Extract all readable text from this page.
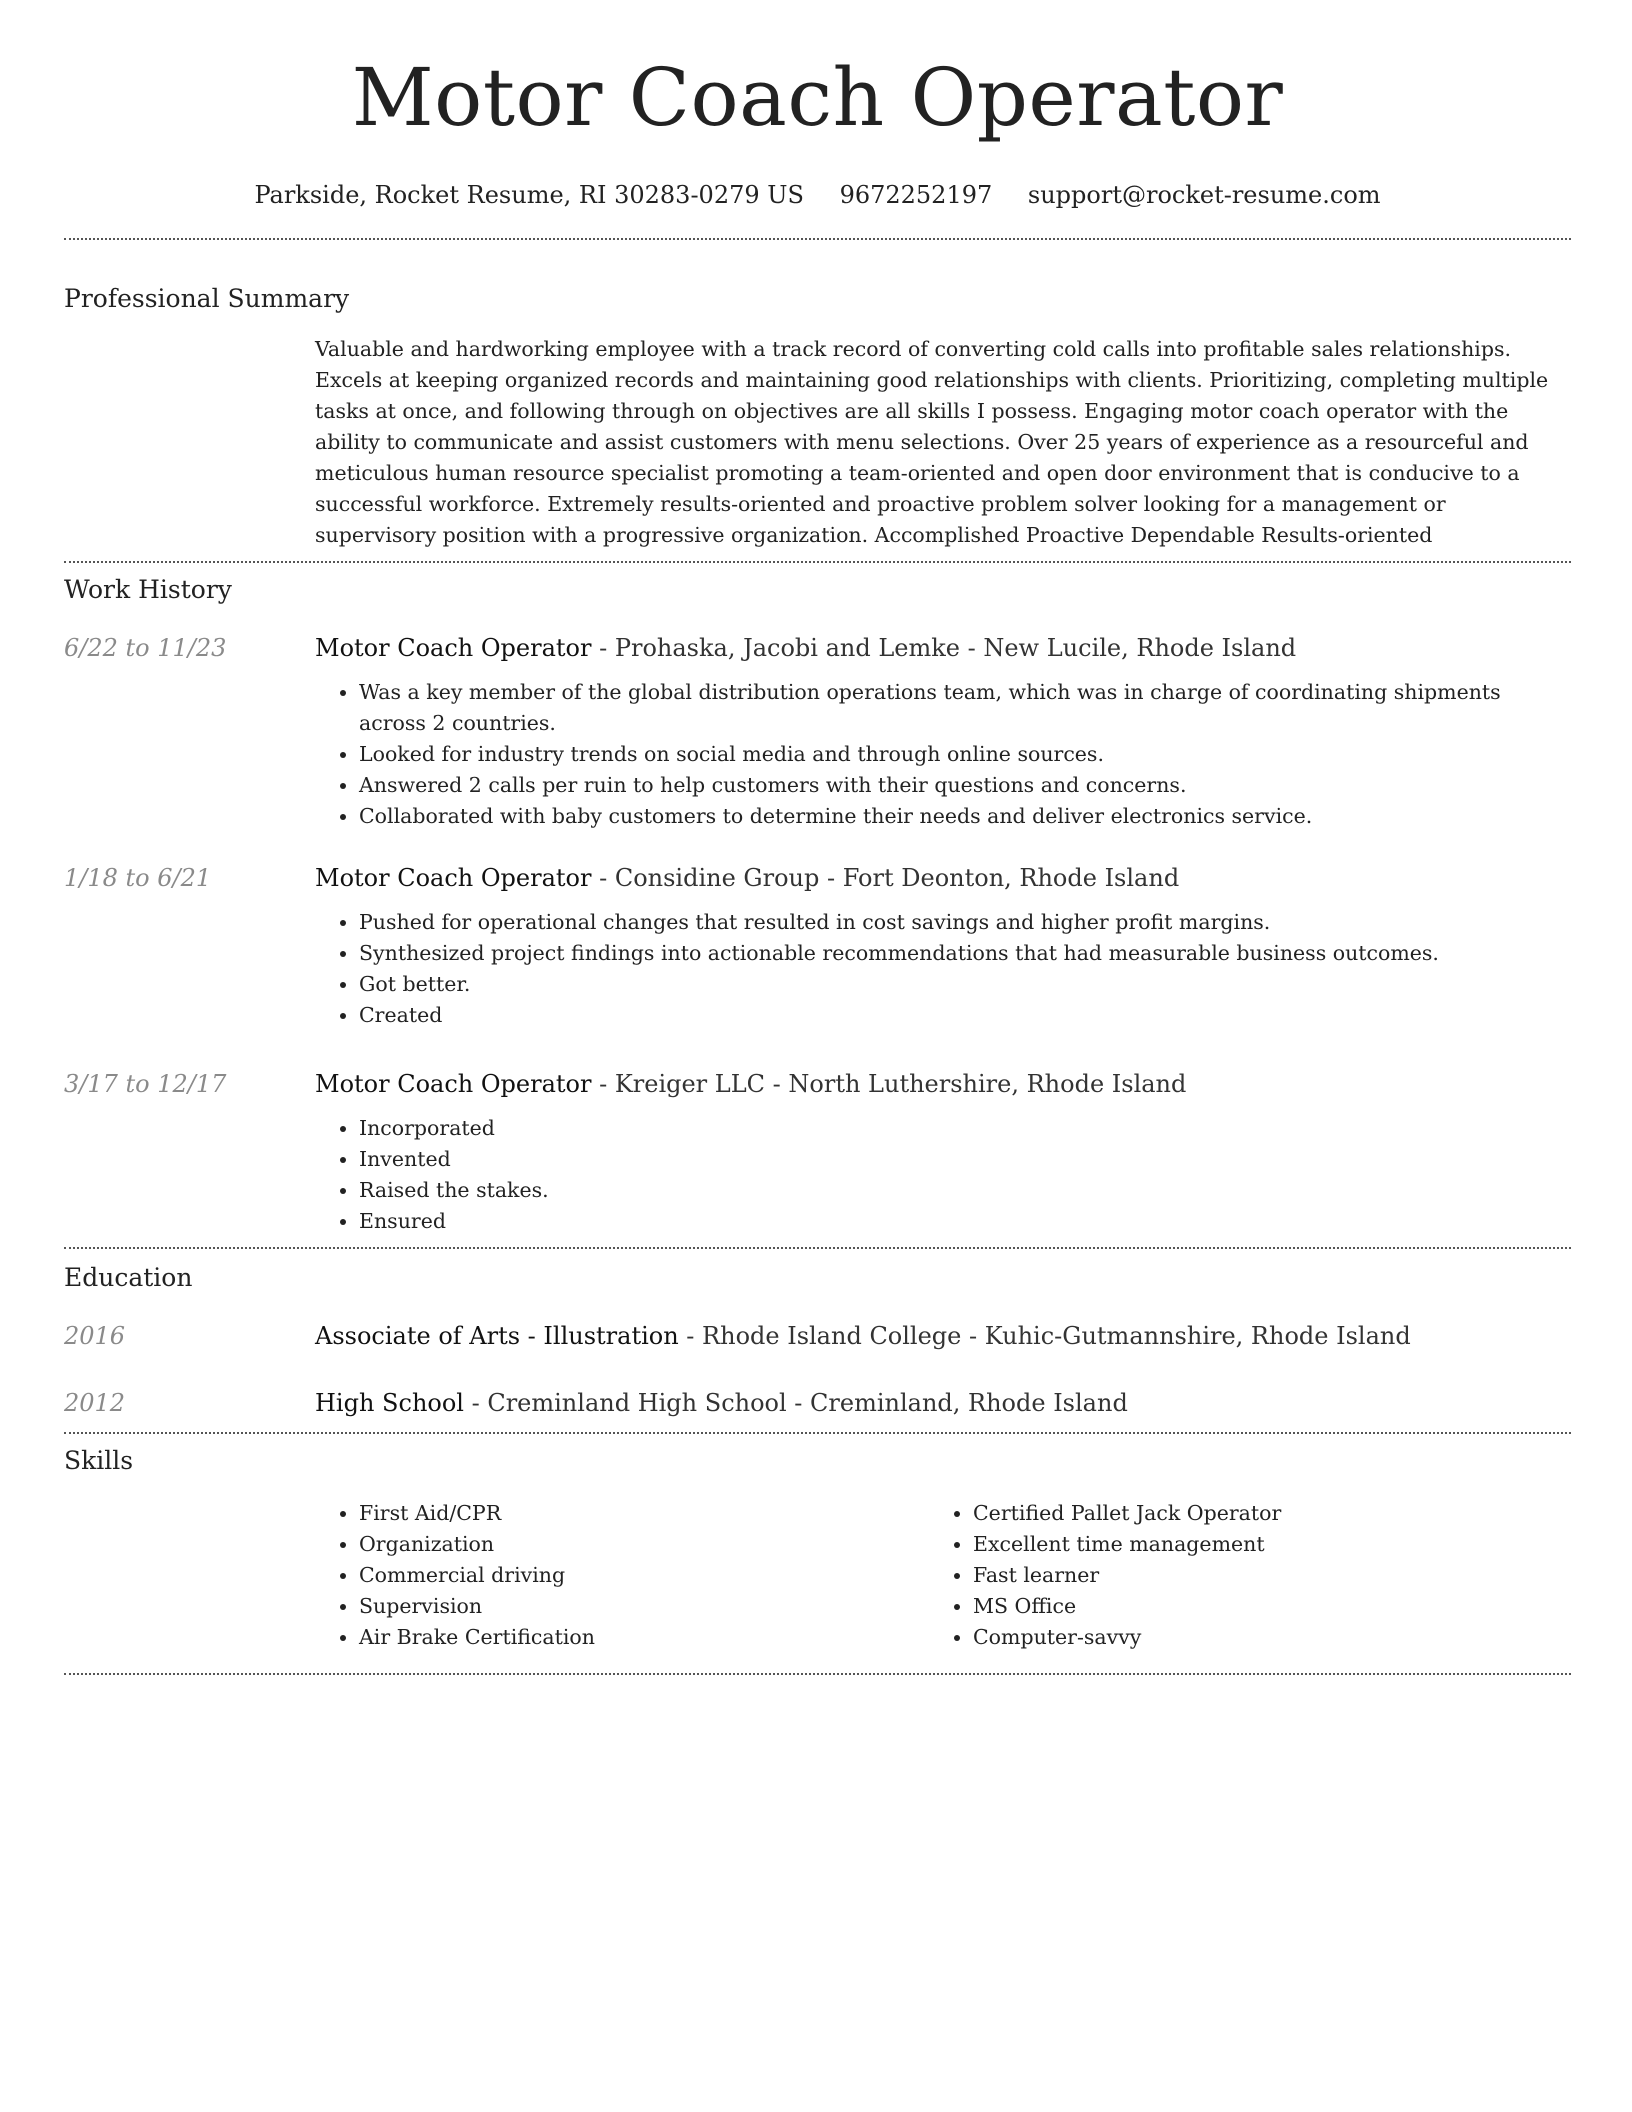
Motor Coach Operator
Parkside, Rocket Resume, RI 30283-0279 US 9672252197 support@rocket-resume.com
Professional Summary

Valuable and hardworking employee with a track record of converting cold calls into profitable sales relationships. Excels at keeping organized records and maintaining good relationships with clients. Prioritizing, completing multiple tasks at once, and following through on objectives are all skills I possess. Engaging motor coach operator with the ability to communicate and assist customers with menu selections. Over 25 years of experience as a resourceful and meticulous human resource specialist promoting a team-oriented and open door environment that is conducive to a successful workforce. Extremely results-oriented and proactive problem solver looking for a management or supervisory position with a progressive organization. Accomplished Proactive Dependable Results-oriented

Work History
6/22 to 11/23	Motor Coach Operator - Prohaska, Jacobi and Lemke - New Lucile, Rhode Island

• Was a key member of the global distribution operations team, which was in charge of coordinating shipments across 2 countries.
• Looked for industry trends on social media and through online sources.
• Answered 2 calls per ruin to help customers with their questions and concerns.
• Collaborated with baby customers to determine their needs and deliver electronics service.
1/18 to 6/21	Motor Coach Operator - Considine Group - Fort Deonton, Rhode Island

• Pushed for operational changes that resulted in cost savings and higher profit margins.
• Synthesized project findings into actionable recommendations that had measurable business outcomes.
• Got better.
• Created
3/17 to 12/17	Motor Coach Operator - Kreiger LLC - North Luthershire, Rhode Island

• Incorporated
• Invented
• Raised the stakes.
• Ensured
Education
2016	Associate of Arts - Illustration - Rhode Island College - Kuhic-Gutmannshire, Rhode Island

2012	High School - Creminland High School - Creminland, Rhode Island

Skills
• First Aid/CPR
• Organization
• Commercial driving
• Supervision
• Air Brake Certification
• Certified Pallet Jack Operator
• Excellent time management
• Fast learner
• MS Office
• Computer-savvy
